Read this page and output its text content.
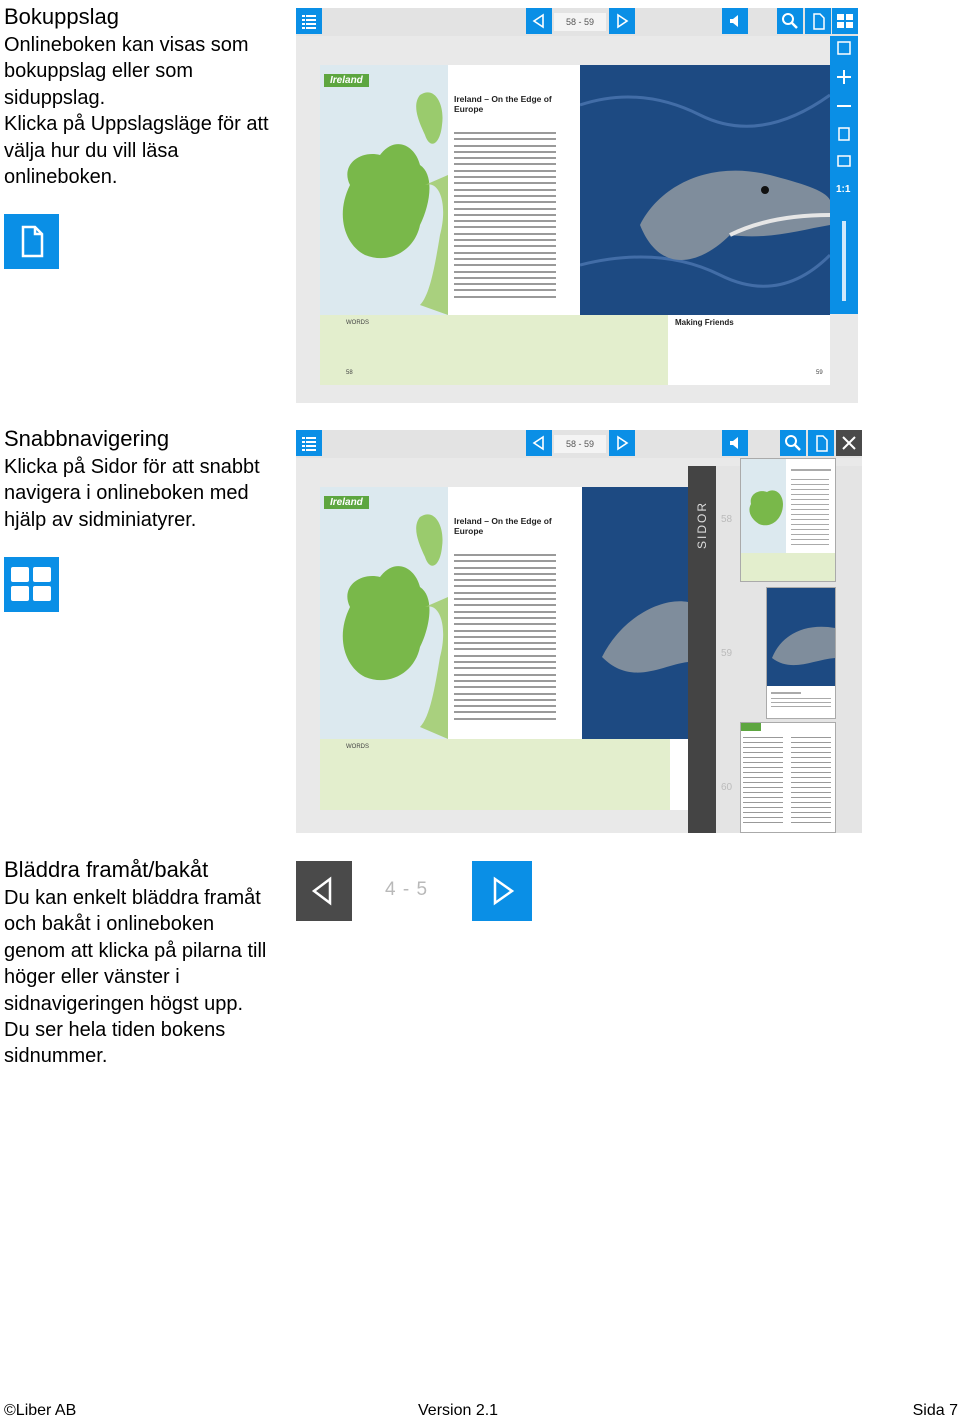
Bokuppslag

Onlineboken kan visas som bokuppslag eller som siduppslag.

Klicka på Uppslagsläge för att välja hur du vill läsa onlineboken.

58 - 59
Ireland
Ireland – On the Edge of Europe
WORDS
58
Making Friends
59
1:1
Snabbnavigering

Klicka på Sidor för att snabbt navigera i onlineboken med hjälp av sidminiatyrer.

58 - 59
Ireland
Ireland – On the Edge of Europe
WORDS
SIDOR 58
59
60
Bläddra framåt/bakåt

Du kan enkelt bläddra framåt och bakåt i onlineboken genom att klicka på pilarna till höger eller vänster i sidnavigeringen högst upp. Du ser hela tiden bokens sidnummer.

4 - 5
©Liber AB	Version 2.1	Sida 7
